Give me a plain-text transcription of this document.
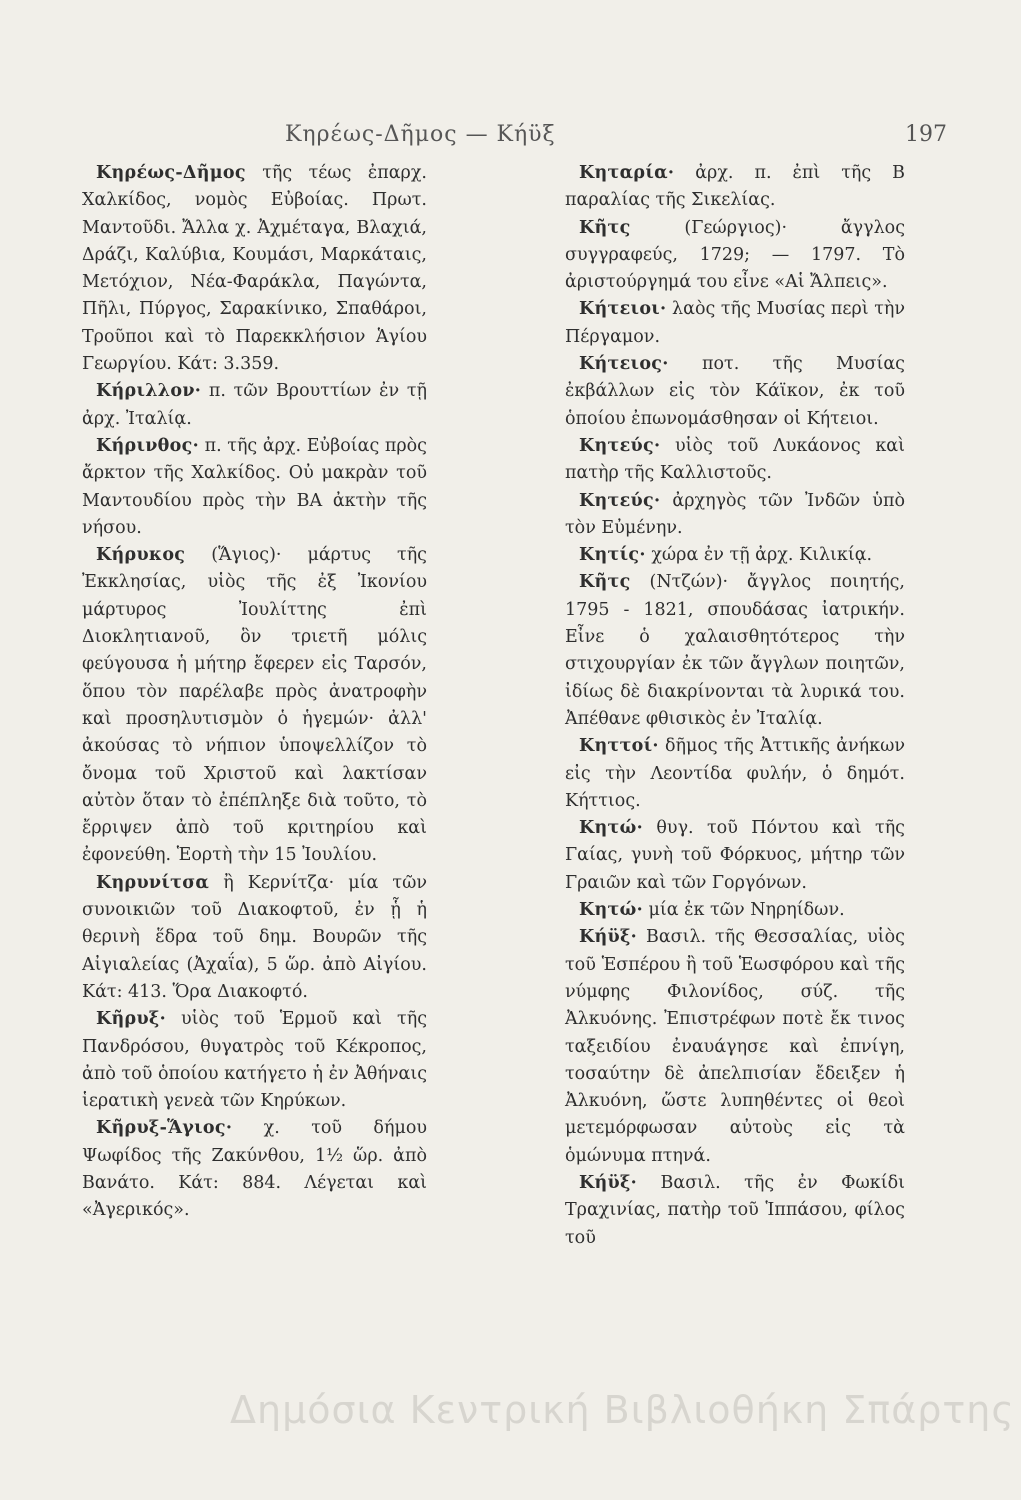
Κηρέως-Δῆμος — Κήϋξ	197
Κηρέως-Δῆμος τῆς τέως ἐπαρχ. Χαλκίδος, νομὸς Εὐβοίας. Πρωτ. Μαντοῦδι. Ἄλλα χ. Ἀχμέταγα, Βλαχιά, Δράζι, Καλύβια, Κουμάσι, Μαρκάταις, Μετόχιον, Νέα-Φαράκλα, Παγώντα, Πῆλι, Πύργος, Σαρακίνικο, Σπαθάροι, Τροῦποι καὶ τὸ Παρεκκλήσιον Ἁγίου Γεωργίου. Κάτ: 3.359.
Κήριλλον· π. τῶν Βρουττίων ἐν τῇ ἀρχ. Ἰταλίᾳ.
Κήρινθος· π. τῆς ἀρχ. Εὐβοίας πρὸς ἄρκτον τῆς Χαλκίδος. Οὐ μακρὰν τοῦ Μαντουδίου πρὸς τὴν ΒΑ ἀκτὴν τῆς νήσου.
Κήρυκος (Ἅγιος)· μάρτυς τῆς Ἐκκλησίας, υἱὸς τῆς ἐξ Ἰκονίου μάρτυρος Ἰουλίττης ἐπὶ Διοκλητιανοῦ, ὃν τριετῆ μόλις φεύγουσα ἡ μήτηρ ἔφερεν εἰς Ταρσόν, ὅπου τὸν παρέλαβε πρὸς ἀνατροφὴν καὶ προσηλυτισμὸν ὁ ἡγεμών· ἀλλ' ἀκούσας τὸ νήπιον ὑποψελλίζον τὸ ὄνομα τοῦ Χριστοῦ καὶ λακτίσαν αὐτὸν ὅταν τὸ ἐπέπληξε διὰ τοῦτο, τὸ ἔρριψεν ἀπὸ τοῦ κριτηρίου καὶ ἐφονεύθη. Ἑορτὴ τὴν 15 Ἰουλίου.
Κηρυνίτσα ἢ Κερνίτζα· μία τῶν συνοικιῶν τοῦ Διακοφτοῦ, ἐν ᾗ ἡ θερινὴ ἕδρα τοῦ δημ. Βουρῶν τῆς Αἰγιαλείας (Ἀχαΐα), 5 ὥρ. ἀπὸ Αἰγίου. Κάτ: 413. Ὅρα Διακοφτό.
Κῆρυξ· υἱὸς τοῦ Ἑρμοῦ καὶ τῆς Πανδρόσου, θυγατρὸς τοῦ Κέκροπος, ἀπὸ τοῦ ὁποίου κατήγετο ἡ ἐν Ἀθήναις ἱερατικὴ γενεὰ τῶν Κηρύκων.
Κῆρυξ-Ἅγιος· χ. τοῦ δήμου Ψωφίδος τῆς Ζακύνθου, 1½ ὥρ. ἀπὸ Βανάτο. Κάτ: 884. Λέγεται καὶ «Ἀγερικός».
Κηταρία· ἀρχ. π. ἐπὶ τῆς Β παραλίας τῆς Σικελίας.
Κῆτς	(Γεώργιος)· ἄγγλος συγγραφεύς, 1729; — 1797. Τὸ ἀριστούργημά του εἶνε «Αἱ Ἄλπεις».
Κήτειοι· λαὸς τῆς Μυσίας περὶ τὴν Πέργαμον.
Κήτειος· ποτ. τῆς Μυσίας ἐκβάλλων εἰς τὸν Κάϊκον, ἐκ τοῦ ὁποίου ἐπωνομάσθησαν οἱ Κήτειοι.
Κητεύς· υἱὸς τοῦ Λυκάονος καὶ πατὴρ τῆς Καλλιστοῦς.
Κητεύς· ἀρχηγὸς τῶν Ἰνδῶν ὑπὸ τὸν Εὐμένην.
Κητίς· χώρα ἐν τῇ ἀρχ. Κιλικίᾳ.
Κῆτς (Ντζών)· ἄγγλος ποιητής, 1795 - 1821, σπουδάσας ἰατρικήν. Εἶνε ὁ χαλαισθητότερος τὴν στιχουργίαν ἐκ τῶν ἄγγλων ποιητῶν, ἰδίως δὲ διακρίνονται τὰ λυρικά του. Ἀπέθανε φθισικὸς ἐν Ἰταλίᾳ.
Κηττοί· δῆμος τῆς Ἀττικῆς ἀνήκων εἰς τὴν Λεοντίδα φυλήν, ὁ δημότ. Κήττιος.
Κητώ· θυγ. τοῦ Πόντου καὶ τῆς Γαίας, γυνὴ τοῦ Φόρκυος, μήτηρ τῶν Γραιῶν καὶ τῶν Γοργόνων.
Κητώ· μία ἐκ τῶν Νηρηίδων.
Κήϋξ· Βασιλ. τῆς Θεσσαλίας, υἱὸς τοῦ Ἑσπέρου ἢ τοῦ Ἑωσφόρου καὶ τῆς νύμφης Φιλονίδος, σύζ. τῆς Ἀλκυόνης. Ἐπιστρέφων ποτὲ ἔκ τινος ταξειδίου ἐναυάγησε καὶ ἐπνίγη, τοσαύτην δὲ ἀπελπισίαν ἔδειξεν ἡ Ἀλκυόνη, ὥστε λυπηθέντες οἱ θεοὶ μετεμόρφωσαν αὐτοὺς εἰς τὰ ὁμώνυμα πτηνά.
Κήϋξ· Βασιλ. τῆς ἐν Φωκίδι Τραχινίας, πατὴρ τοῦ Ἱππάσου, φίλος τοῦ
Δημόσια Κεντρική Βιβλιοθήκη Σπάρτης
